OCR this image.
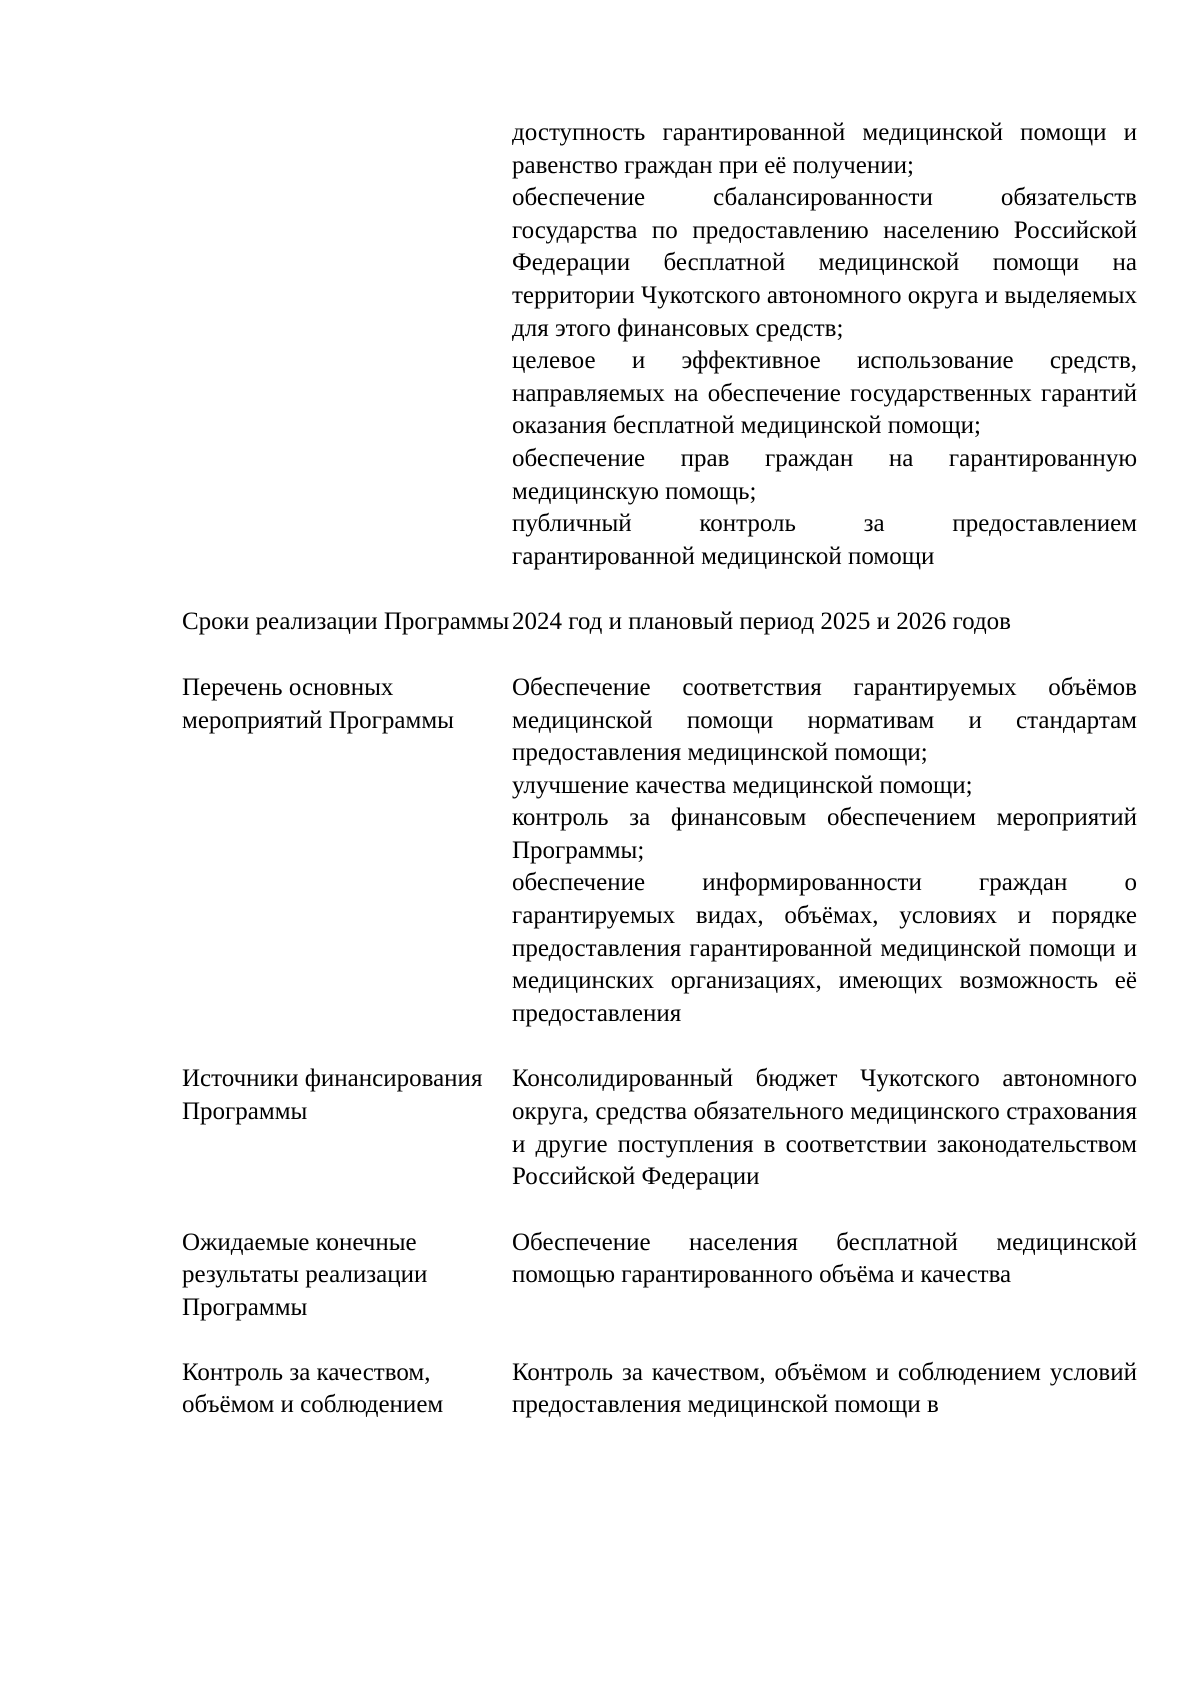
доступность гарантированной медицинской помощи и равенство граждан при её получении;

обеспечение сбалансированности обязательств государства по предоставлению населению Российской Федерации бесплатной медицинской помощи на территории Чукотского автономного округа и выделяемых для этого финансовых средств;

целевое и эффективное использование средств, направляемых на обеспечение государственных гарантий оказания бесплатной медицинской помощи;

обеспечение прав граждан на гарантированную медицинскую помощь;

публичный контроль за предоставлением гарантированной медицинской помощи

Сроки реализации Программы 2024 год и плановый период 2025 и 2026 годов

Перечень основных мероприятий Программы

Обеспечение соответствия гарантируемых объёмов медицинской помощи нормативам и стандартам предоставления медицинской помощи;

улучшение качества медицинской помощи;

контроль за финансовым обеспечением мероприятий Программы;

обеспечение информированности граждан о гарантируемых видах, объёмах, условиях и порядке предоставления гарантированной медицинской помощи и медицинских организациях, имеющих возможность её предоставления

Источники финансирования Программы

Консолидированный бюджет Чукотского автономного округа, средства обязательного медицинского страхования и другие поступления в соответствии законодательством Российской Федерации

Ожидаемые конечные результаты реализации Программы

Обеспечение населения бесплатной медицинской помощью гарантированного объёма и качества

Контроль за качеством, объёмом и соблюдением

Контроль за качеством, объёмом и соблюдением условий предоставления медицинской помощи в
